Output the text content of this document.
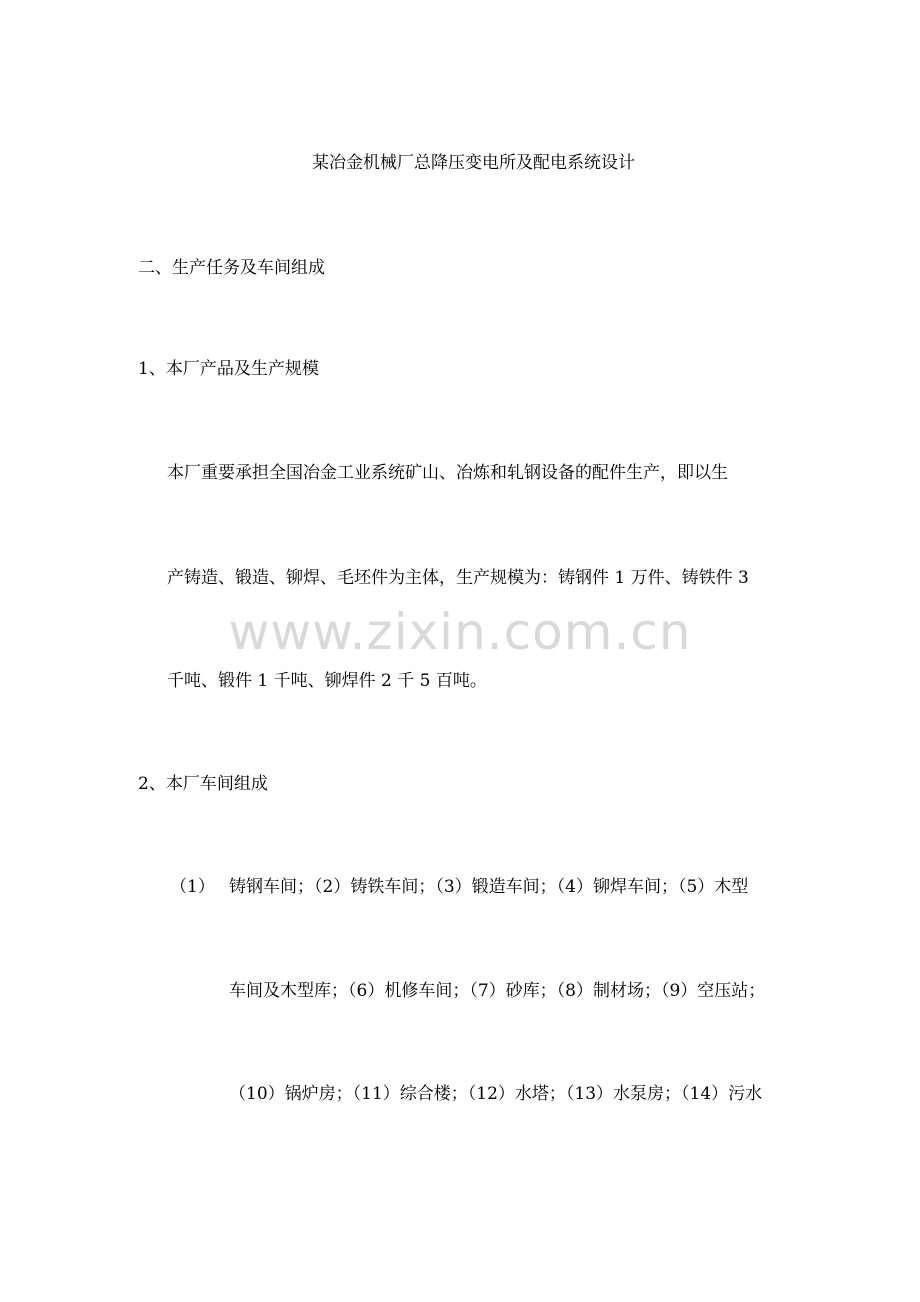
www.zixin.com.cn
某冶金机械厂总降压变电所及配电系统设计
二、生产任务及车间组成
1、本厂产品及生产规模
本厂重要承担全国冶金工业系统矿山、冶炼和轧钢设备的配件生产，即以生
产铸造、锻造、铆焊、毛坯件为主体，生产规模为：铸钢件 1 万件、铸铁件 3
千吨、锻件 1 千吨、铆焊件 2 千 5 百吨。
2、本厂车间组成
（1） 铸钢车间；（2）铸铁车间；（3）锻造车间；（4）铆焊车间；（5）木型
车间及木型库；（6）机修车间；（7）砂库；（8）制材场；（9）空压站；
（10）锅炉房；（11）综合楼；（12）水塔；（13）水泵房；（14）污水
